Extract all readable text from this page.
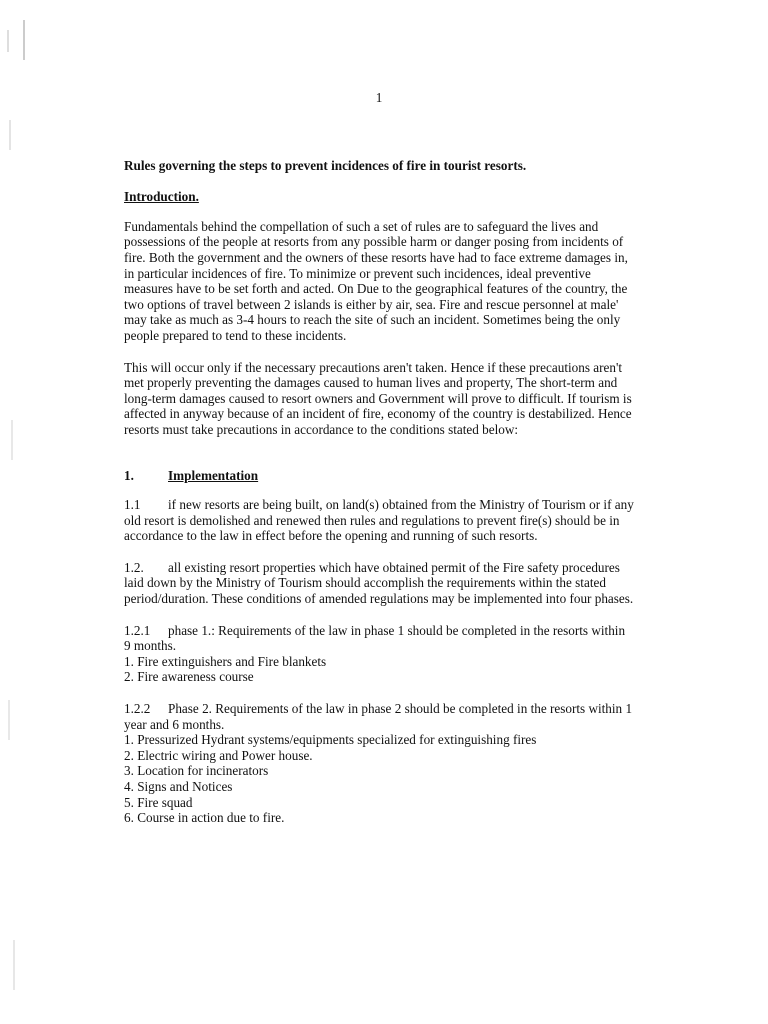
1
Rules governing the steps to prevent incidences of fire in tourist resorts.
Introduction.

Fundamentals behind the compellation of such a set of rules are to safeguard the lives and possessions of the people at resorts from any possible harm or danger posing from incidents of fire. Both the government and the owners of these resorts have had to face extreme damages in, in particular incidences of fire. To minimize or prevent such incidences, ideal preventive measures have to be set forth and acted. On Due to the geographical features of the country, the two options of travel between 2 islands is either by air, sea. Fire and rescue personnel at male' may take as much as 3-4 hours to reach the site of such an incident. Sometimes being the only people prepared to tend to these incidents.

This will occur only if the necessary precautions aren't taken. Hence if these precautions aren't met properly preventing the damages caused to human lives and property, The short-term and long-term damages caused to resort owners and Government will prove to difficult. If tourism is affected in anyway because of an incident of fire, economy of the country is destabilized. Hence resorts must take precautions in accordance to the conditions stated below:

1.	Implementation
1.1 if new resorts are being built, on land(s) obtained from the Ministry of Tourism or if any old resort is demolished and renewed then rules and regulations to prevent fire(s) should be in accordance to the law in effect before the opening and running of such resorts.
1.2. all existing resort properties which have obtained permit of the Fire safety procedures laid down by the Ministry of Tourism should accomplish the requirements within the stated period/duration. These conditions of amended regulations may be implemented into four phases.
1.2.1 phase 1.: Requirements of the law in phase 1 should be completed in the resorts within 9 months.
1. Fire extinguishers and Fire blankets
2. Fire awareness course
1.2.2 Phase 2. Requirements of the law in phase 2 should be completed in the resorts within 1 year and 6 months.
1. Pressurized Hydrant systems/equipments specialized for extinguishing fires
2. Electric wiring and Power house.
3. Location for incinerators
4. Signs and Notices
5. Fire squad
6. Course in action due to fire.
